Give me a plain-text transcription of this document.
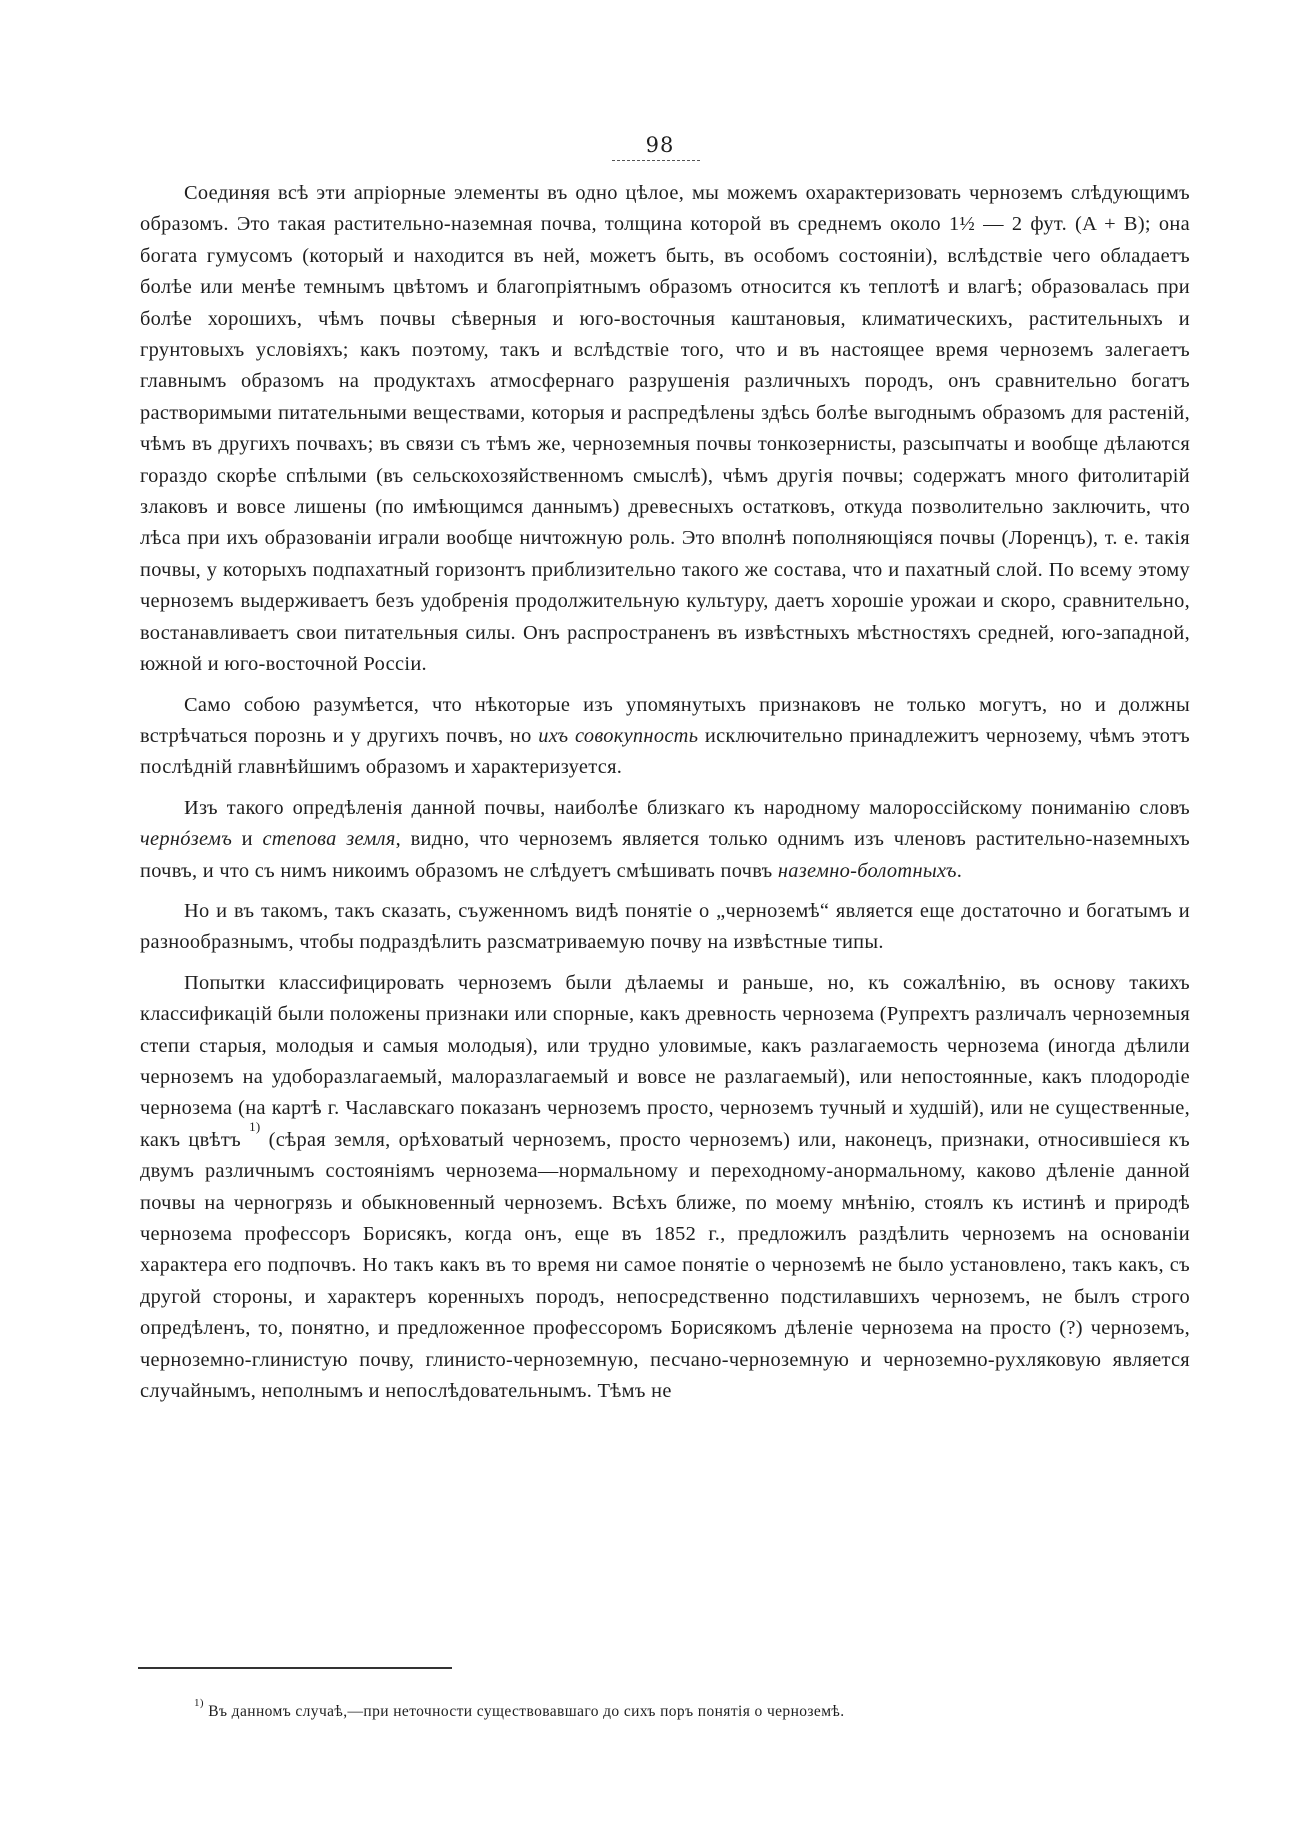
98

Соединяя всѣ эти апріорные элементы въ одно цѣлое, мы можемъ охарактеризовать черноземъ слѣдующимъ образомъ. Это такая растительно-наземная почва, толщина которой въ среднемъ около 1½ — 2 фут. (A + B); она богата гумусомъ (который и находится въ ней, можетъ быть, въ особомъ состояніи), вслѣдствіе чего обладаетъ болѣе или менѣе темнымъ цвѣтомъ и благопріятнымъ образомъ относится къ теплотѣ и влагѣ; образовалась при болѣе хорошихъ, чѣмъ почвы сѣверныя и юго-восточныя каштановыя, климатическихъ, растительныхъ и грунтовыхъ условіяхъ; какъ поэтому, такъ и вслѣдствіе того, что и въ настоящее время черноземъ залегаетъ главнымъ образомъ на продуктахъ атмосфернаго разрушенія различныхъ породъ, онъ сравнительно богатъ растворимыми питательными веществами, которыя и распредѣлены здѣсь болѣе выгоднымъ образомъ для растеній, чѣмъ въ другихъ почвахъ; въ связи съ тѣмъ же, черноземныя почвы тонкозернисты, разсыпчаты и вообще дѣлаются гораздо скорѣе спѣлыми (въ сельскохозяйственномъ смыслѣ), чѣмъ другія почвы; содержатъ много фитолитарій злаковъ и вовсе лишены (по имѣющимся даннымъ) древесныхъ остатковъ, откуда позволительно заключить, что лѣса при ихъ образованіи играли вообще ничтожную роль. Это вполнѣ пополняющіяся почвы (Лоренцъ), т. е. такія почвы, у которыхъ подпахатный горизонтъ приблизительно такого же состава, что и пахатный слой. По всему этому черноземъ выдерживаетъ безъ удобренія продолжительную культуру, даетъ хорошіе урожаи и скоро, сравнительно, востанавливаетъ свои питательныя силы. Онъ распространенъ въ извѣстныхъ мѣстностяхъ средней, юго-западной, южной и юго-восточной Россіи.

Само собою разумѣется, что нѣкоторые изъ упомянутыхъ признаковъ не только могутъ, но и должны встрѣчаться порознь и у другихъ почвъ, но ихъ совокупность исключительно принадлежитъ чернозему, чѣмъ этотъ послѣдній главнѣйшимъ образомъ и характеризуется.

Изъ такого опредѣленія данной почвы, наиболѣе близкаго къ народному малороссійскому пониманію словъ чернóземъ и степова земля, видно, что черноземъ является только однимъ изъ членовъ растительно-наземныхъ почвъ, и что съ нимъ никоимъ образомъ не слѣдуетъ смѣшивать почвъ наземно-болотныхъ.

Но и въ такомъ, такъ сказать, съуженномъ видѣ понятіе о „черноземѣ“ является еще достаточно и богатымъ и разнообразнымъ, чтобы подраздѣлить разсматриваемую почву на извѣстные типы.

Попытки классифицировать черноземъ были дѣлаемы и раньше, но, къ сожалѣнію, въ основу такихъ классификацій были положены признаки или спорные, какъ древность чернозема (Рупрехтъ различалъ черноземныя степи старыя, молодыя и самыя молодыя), или трудно уловимые, какъ разлагаемость чернозема (иногда дѣлили черноземъ на удоборазлагаемый, малоразлагаемый и вовсе не разлагаемый), или непостоянные, какъ плодородіе чернозема (на картѣ г. Чаславскаго показанъ черноземъ просто, черноземъ тучный и худшій), или не существенные, какъ цвѣтъ $^{1)}$ (сѣрая земля, орѣховатый черноземъ, просто черноземъ) или, наконецъ, признаки, относившіеся къ двумъ различнымъ состояніямъ чернозема—нормальному и переходному-анормальному, каково дѣленіе данной почвы на черногрязь и обыкновенный черноземъ. Всѣхъ ближе, по моему мнѣнію, стоялъ къ истинѣ и природѣ чернозема профессоръ Борисякъ, когда онъ, еще въ 1852 г., предложилъ раздѣлить черноземъ на основаніи характера его подпочвъ. Но такъ какъ въ то время ни самое понятіе о черноземѣ не было установлено, такъ какъ, съ другой стороны, и характеръ коренныхъ породъ, непосредственно подстилавшихъ черноземъ, не былъ строго опредѣленъ, то, понятно, и предложенное профессоромъ Борисякомъ дѣленіе чернозема на просто (?) черноземъ, черноземно-глинистую почву, глинисто-черноземную, песчано-черноземную и черноземно-рухляковую является случайнымъ, неполнымъ и непослѣдовательнымъ. Тѣмъ не

$^{1)}$ Въ данномъ случаѣ,—при неточности существовавшаго до сихъ поръ понятія о черноземѣ.
